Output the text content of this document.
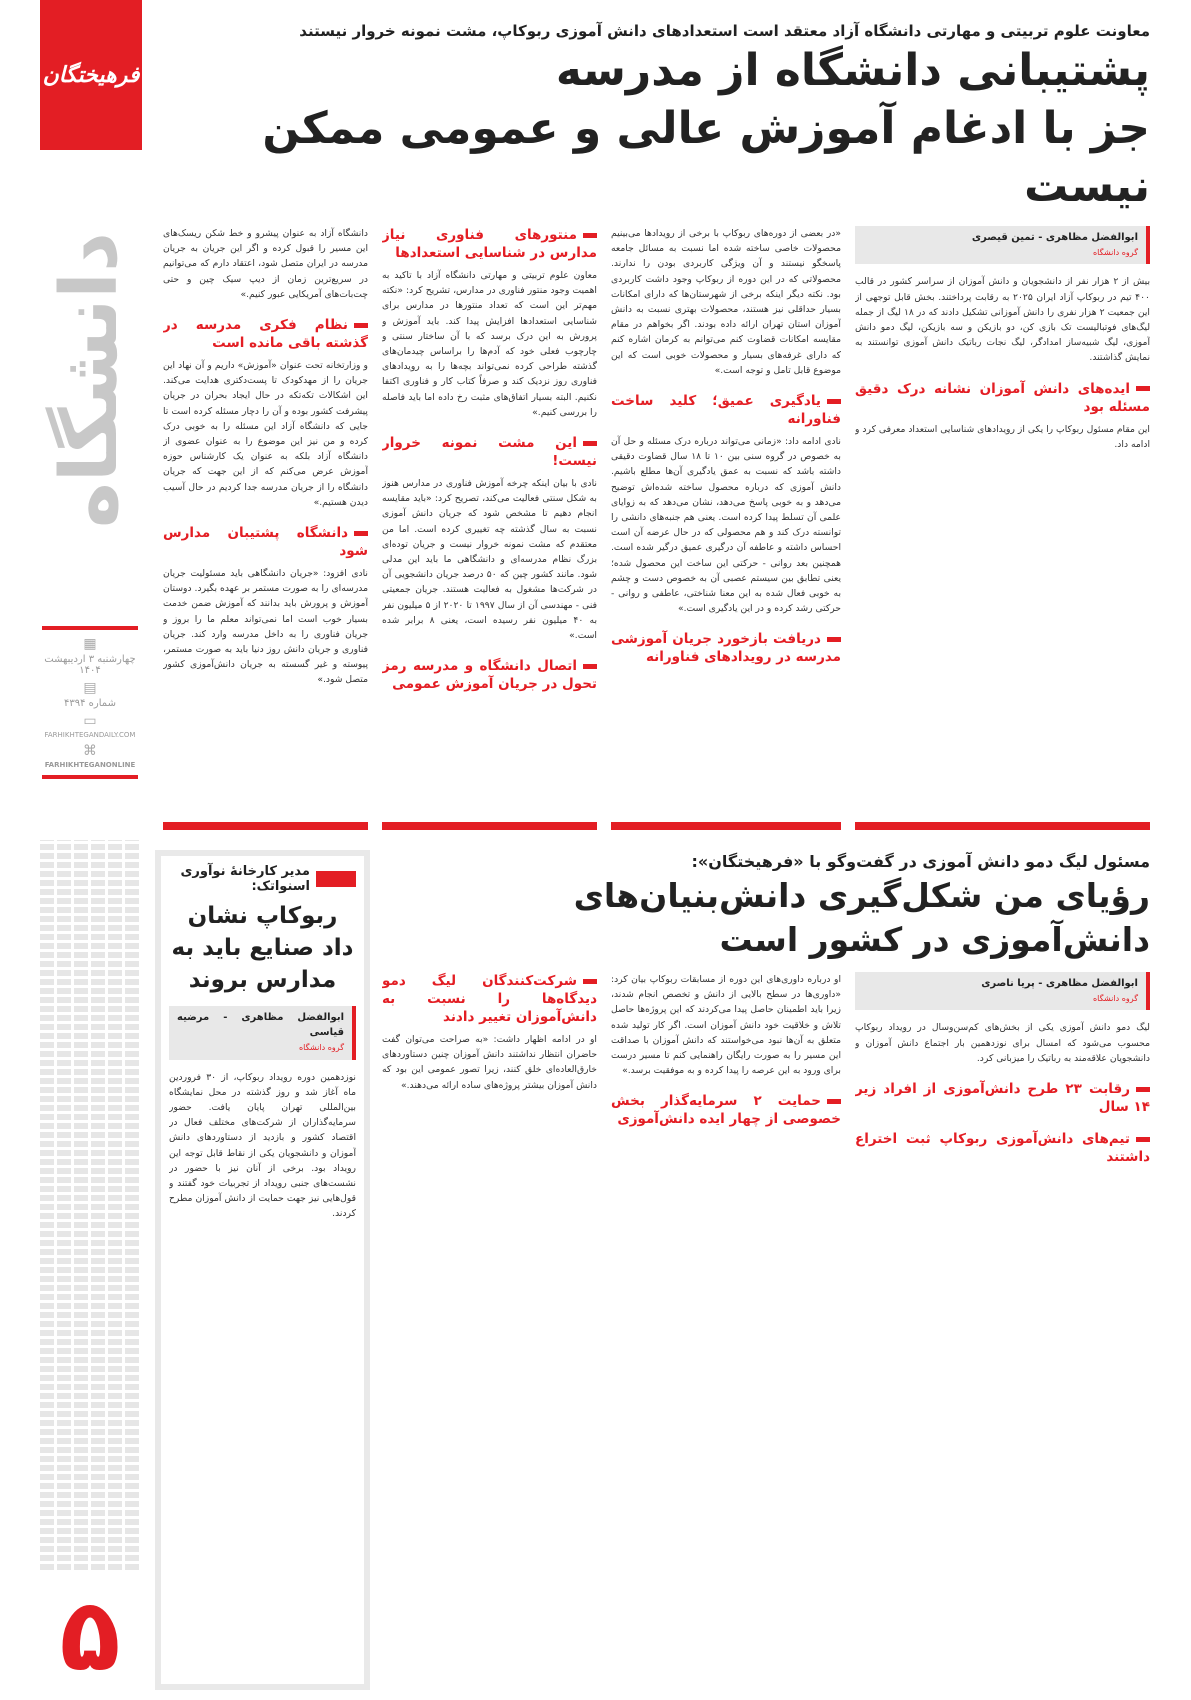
فرهیختگان
دانشگاه
▦
چهارشنبه ۳ اردیبهشت ۱۴۰۴
▤
شماره ۴۳۹۴
▭
FARHIKHTEGANDAILY.COM
⌘
FARHIKHTEGANONLINE
۵
معاونت علوم تربیتی و مهارتی دانشگاه آزاد معتقد است استعدادهای دانش آموزی ربوکاپ، مشت نمونه خروار نیستند
پشتیبانی دانشگاه از مدرسه
جز با ادغام آموزش عالی و عمومی ممکن نیست
ابوالفضل مظاهری - تمین قیصری
گروه دانشگاه

بیش از ۲ هزار نفر از دانشجویان و دانش آموزان از سراسر کشور در قالب ۴۰۰ تیم در ربوکاپ آزاد ایران ۲۰۲۵ به رقابت پرداختند. بخش قابل توجهی از این جمعیت ۲ هزار نفری را دانش آموزانی تشکیل دادند که در ۱۸ لیگ از جمله لیگ‌های فوتبالیست تک بازی کن، دو بازیکن و سه بازیکن، لیگ دمو دانش آموزی، لیگ شبیه‌ساز امدادگر، لیگ نجات رباتیک دانش آموزی توانستند به نمایش گذاشتند.

ایده‌های دانش آموزان نشانه درک دقیق مسئله بود

این مقام مسئول ربوکاپ را یکی از رویدادهای شناسایی استعداد معرفی کرد و ادامه داد.

«در بعضی از دوره‌های ربوکاپ با برخی از رویدادها می‌بینیم محصولات خاصی ساخته شده اما نسبت به مسائل جامعه پاسخگو نیستند و آن ویژگی کاربردی بودن را ندارند. محصولاتی که در این دوره از ربوکاپ وجود داشت کاربردی بود. نکته دیگر اینکه برخی از شهرستان‌ها که دارای امکانات بسیار حداقلی نیز هستند، محصولات بهتری نسبت به دانش آموزان استان تهران ارائه داده بودند. اگر بخواهم در مقام مقایسه امکانات قضاوت کنم می‌توانم به کرمان اشاره کنم که دارای غرفه‌های بسیار و محصولات خوبی است که این موضوع قابل تامل و توجه است.»

یادگیری عمیق؛ کلید ساخت فناورانه

نادی ادامه داد: «زمانی می‌تواند درباره درک مسئله و حل آن به خصوص در گروه سنی بین ۱۰ تا ۱۸ سال قضاوت دقیقی داشته باشد که نسبت به عمق یادگیری آن‌ها مطلع باشیم. دانش آموزی که درباره محصول ساخته شده‌اش توضیح می‌دهد و به خوبی پاسخ می‌دهد، نشان می‌دهد که به زوایای علمی آن تسلط پیدا کرده است. یعنی هم جنبه‌های دانشی را توانسته درک کند و هم محصولی که در حال عرضه آن است احساس داشته و عاطفه آن درگیری عمیق درگیر شده است. همچنین بعد روانی - حرکتی این ساخت این محصول شده؛ یعنی تطابق بین سیستم عصبی آن به خصوص دست و چشم به خوبی فعال شده به این معنا شناختی، عاطفی و روانی - حرکتی رشد کرده و در این یادگیری است.»

دریافت بازخورد جریان آموزشی مدرسه در رویدادهای فناورانه
منتورهای فناوری نیاز مدارس در شناسایی استعدادها

معاون علوم تربیتی و مهارتی دانشگاه آزاد با تاکید به اهمیت وجود منتور فناوری در مدارس، تشریح کرد: «نکته مهم‌تر این است که تعداد منتورها در مدارس برای شناسایی استعدادها افزایش پیدا کند. باید آموزش و پرورش به این درک برسد که با آن ساختار سنتی و چارچوب فعلی خود که آدم‌ها را براساس چیدمان‌های گذشته طراحی کرده نمی‌تواند بچه‌ها را به رویدادهای فناوری روز نزدیک کند و صرفاً کتاب کار و فناوری اکتفا نکنیم. البته بسیار اتفاق‌های مثبت رخ داده اما باید فاصله را بررسی کنیم.»

این مشت نمونه خروار نیست!

نادی با بیان اینکه چرخه آموزش فناوری در مدارس هنوز به شکل سنتی فعالیت می‌کند، تصریح کرد: «باید مقایسه انجام دهیم تا مشخص شود که جریان دانش آموزی نسبت به سال گذشته چه تغییری کرده است. اما من معتقدم که مشت نمونه خروار نیست و جریان توده‌ای بزرگ نظام مدرسه‌ای و دانشگاهی ما باید این مدلی شود. مانند کشور چین که ۵۰ درصد جریان دانشجویی آن در شرکت‌ها مشغول به فعالیت هستند. جریان جمعیتی فنی - مهندسی آن از سال ۱۹۹۷ تا ۲۰۲۰ از ۵ میلیون نفر به ۴۰ میلیون نفر رسیده است، یعنی ۸ برابر شده است.»

اتصال دانشگاه و مدرسه رمز تحول در جریان آموزش عمومی

دانشگاه آزاد به عنوان پیشرو و خط شکن ریسک‌های این مسیر را قبول کرده و اگر این جریان به جریان مدرسه در ایران متصل شود، اعتقاد دارم که می‌توانیم در سریع‌ترین زمان از دیپ سیک چین و حتی چت‌بات‌های آمریکایی عبور کنیم.»

نظام فکری مدرسه در گذشته باقی مانده است

و وزارتخانه تحت عنوان «آموزش» داریم و آن نهاد این جریان را از مهدکودک تا پست‌دکتری هدایت می‌کند. این اشکالات تکه‌تکه در حال ایجاد بحران در جریان پیشرفت کشور بوده و آن را دچار مسئله کرده است تا جایی که دانشگاه آزاد این مسئله را به خوبی درک کرده و من نیز این موضوع را به عنوان عضوی از دانشگاه آزاد بلکه به عنوان یک کارشناس حوزه آموزش عرض می‌کنم که از این جهت که جریان دانشگاه را از جریان مدرسه جدا کردیم در حال آسیب دیدن هستیم.»

دانشگاه پشتیبان مدارس شود

نادی افزود: «جریان دانشگاهی باید مسئولیت جریان مدرسه‌ای را به صورت مستمر بر عهده بگیرد. دوستان آموزش و پرورش باید بدانند که آموزش ضمن خدمت بسیار خوب است اما نمی‌تواند معلم ما را بروز و جریان فناوری را به داخل مدرسه وارد کند. جریان فناوری و جریان دانش روز دنیا باید به صورت مستمر، پیوسته و غیر گسسته به جریان دانش‌آموزی کشور متصل شود.»

مدیر کارخانهٔ نوآوری اسنواتک:
ربوکاپ نشان داد صنایع باید به مدارس بروند
ابوالفضل مظاهری - مرضیه قیاسی
گروه دانشگاه

نوزدهمین دوره رویداد ربوکاپ، از ۳۰ فروردین ماه آغاز شد و روز گذشته در محل نمایشگاه بین‌المللی تهران پایان یافت. حضور سرمایه‌گذاران از شرکت‌های مختلف فعال در اقتصاد کشور و بازدید از دستاوردهای دانش آموزان و دانشجویان یکی از نقاط قابل توجه این رویداد بود. برخی از آنان نیز با حضور در نشست‌های جنبی رویداد از تجربیات خود گفتند و قول‌هایی نیز جهت حمایت از دانش آموزان مطرح کردند.

مسئول لیگ دمو دانش آموزی در گفت‌وگو با «فرهیختگان»:
رؤیای من شکل‌گیری دانش‌بنیان‌های دانش‌آموزی در کشور است
ابوالفضل مظاهری - پریا ناصری
گروه دانشگاه

لیگ دمو دانش آموزی یکی از بخش‌های کم‌سن‌وسال در رویداد ربوکاپ محسوب می‌شود که امسال برای نوزدهمین بار اجتماع دانش آموزان و دانشجویان علاقه‌مند به رباتیک را میزبانی کرد.

رقابت ۲۳ طرح دانش‌آموزی از افراد زیر ۱۴ سال
تیم‌های دانش‌آموزی ربوکاپ ثبت اختراع داشتند

او درباره داوری‌های این دوره از مسابقات ربوکاپ بیان کرد: «داوری‌ها در سطح بالایی از دانش و تخصص انجام شدند، زیرا باید اطمینان حاصل پیدا می‌کردند که این پروژه‌ها حاصل تلاش و خلاقیت خود دانش آموزان است. اگر کار تولید شده متعلق به آن‌ها نبود می‌خواستند که دانش آموزان با صداقت این مسیر را به صورت رایگان راهنمایی کنم تا مسیر درست برای ورود به این عرصه را پیدا کرده و به موفقیت برسد.»

حمایت ۲ سرمایه‌گذار بخش خصوصی از چهار ایده دانش‌آموزی
شرکت‌کنندگان لیگ دمو دیدگاه‌ها را نسبت به دانش‌آموزان تغییر دادند

او در ادامه اظهار داشت: «به صراحت می‌توان گفت حاضران انتظار نداشتند دانش آموزان چنین دستاوردهای خارق‌العاده‌ای خلق کنند، زیرا تصور عمومی این بود که دانش آموزان بیشتر پروژه‌های ساده ارائه می‌دهند.»
